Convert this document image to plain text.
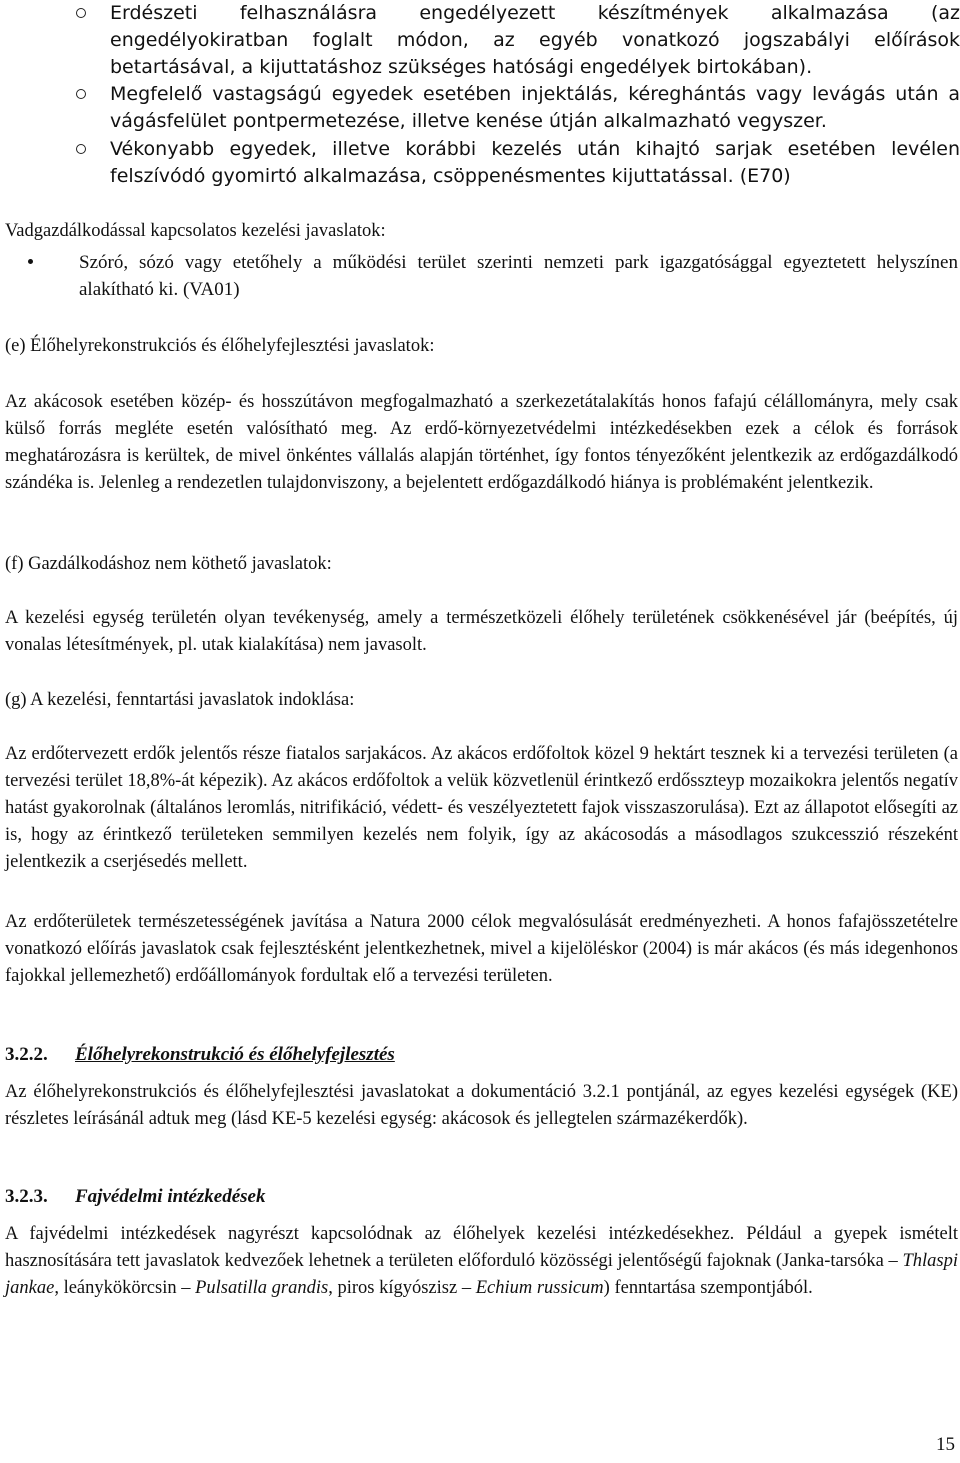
Erdészeti felhasználásra engedélyezett készítmények alkalmazása (az engedélyokiratban foglalt módon, az egyéb vonatkozó jogszabályi előírások betartásával, a kijuttatáshoz szükséges hatósági engedélyek birtokában).
Megfelelő vastagságú egyedek esetében injektálás, kéreghántás vagy levágás után a vágásfelület pontpermetezése, illetve kenése útján alkalmazható vegyszer.
Vékonyabb egyedek, illetve korábbi kezelés után kihajtó sarjak esetében levélen felszívódó gyomirtó alkalmazása, csöppenésmentes kijuttatással. (E70)
Vadgazdálkodással kapcsolatos kezelési javaslatok:
Szóró, sózó vagy etetőhely a működési terület szerinti nemzeti park igazgatósággal egyeztetett helyszínen alakítható ki. (VA01)
(e) Élőhelyrekonstrukciós és élőhelyfejlesztési javaslatok:
Az akácosok esetében közép- és hosszútávon megfogalmazható a szerkezetátalakítás honos fafajú célállományra, mely csak külső forrás megléte esetén valósítható meg. Az erdő-környezetvédelmi intézkedésekben ezek a célok és források meghatározásra is kerültek, de mivel önkéntes vállalás alapján történhet, így fontos tényezőként jelentkezik az erdőgazdálkodó szándéka is. Jelenleg a rendezetlen tulajdonviszony, a bejelentett erdőgazdálkodó hiánya is problémaként jelentkezik.
(f) Gazdálkodáshoz nem köthető javaslatok:
A kezelési egység területén olyan tevékenység, amely a természetközeli élőhely területének csökkenésével jár (beépítés, új vonalas létesítmények, pl. utak kialakítása) nem javasolt.
(g) A kezelési, fenntartási javaslatok indoklása:
Az erdőtervezett erdők jelentős része fiatalos sarjakácos. Az akácos erdőfoltok közel 9 hektárt tesznek ki a tervezési területen (a tervezési terület 18,8%-át képezik). Az akácos erdőfoltok a velük közvetlenül érintkező erdősszteyp mozaikokra jelentős negatív hatást gyakorolnak (általános leromlás, nitrifikáció, védett- és veszélyeztetett fajok visszaszorulása). Ezt az állapotot elősegíti az is, hogy az érintkező területeken semmilyen kezelés nem folyik, így az akácosodás a másodlagos szukcesszió részeként jelentkezik a cserjésedés mellett.
Az erdőterületek természetességének javítása a Natura 2000 célok megvalósulását eredményezheti. A honos fafajösszetételre vonatkozó előírás javaslatok csak fejlesztésként jelentkezhetnek, mivel a kijelöléskor (2004) is már akácos (és más idegenhonos fajokkal jellemezhető) erdőállományok fordultak elő a tervezési területen.
3.2.2. Élőhelyrekonstrukció és élőhelyfejlesztés
Az élőhelyrekonstrukciós és élőhelyfejlesztési javaslatokat a dokumentáció 3.2.1 pontjánál, az egyes kezelési egységek (KE) részletes leírásánál adtuk meg (lásd KE-5 kezelési egység: akácosok és jellegtelen származékerdők).
3.2.3. Fajvédelmi intézkedések
A fajvédelmi intézkedések nagyrészt kapcsolódnak az élőhelyek kezelési intézkedésekhez. Például a gyepek ismételt hasznosítására tett javaslatok kedvezőek lehetnek a területen előforduló közösségi jelentőségű fajoknak (Janka-tarsóka – Thlaspi jankae, leánykökörcsin – Pulsatilla grandis, piros kígyószisz – Echium russicum) fenntartása szempontjából.
15
